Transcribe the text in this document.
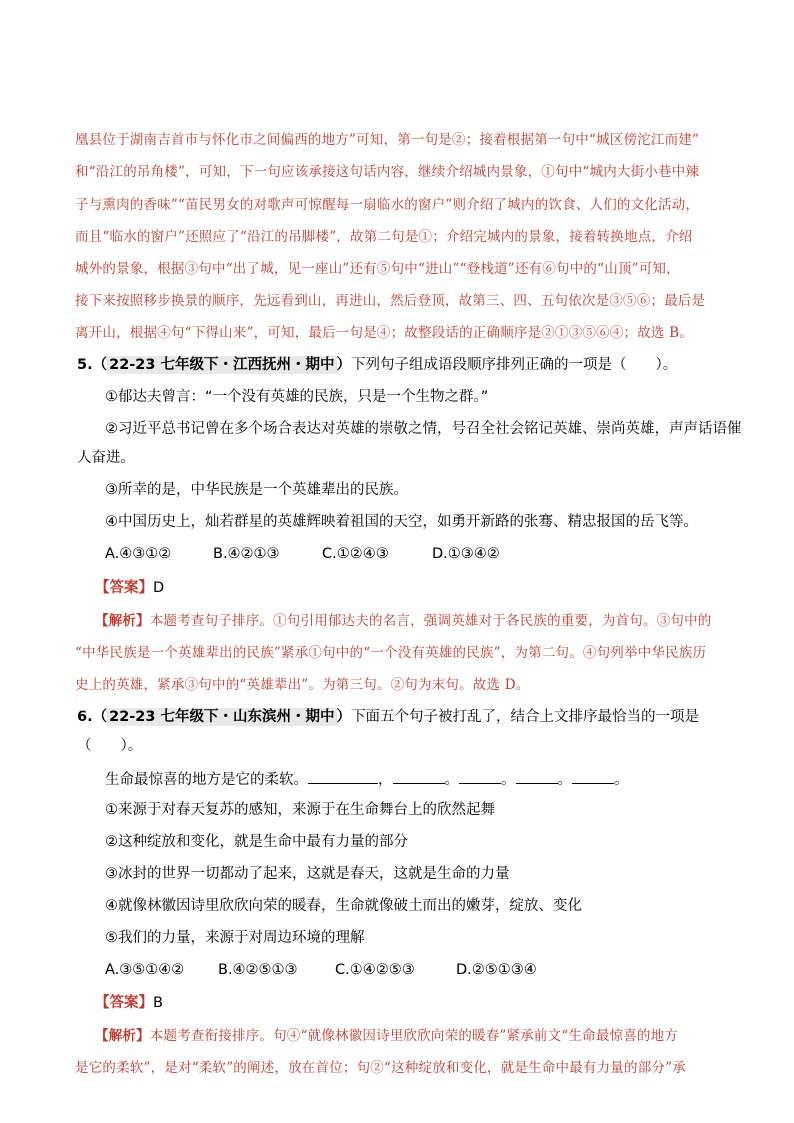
凰县位于湖南吉首市与怀化市之间偏西的地方”可知，第一句是②；接着根据第一句中“城区傍沱江而建”
和“沿江的吊角楼”，可知，下一句应该承接这句话内容，继续介绍城内景象，①句中“城内大街小巷中辣
子与熏肉的香味”“苗民男女的对歌声可惊醒每一扇临水的窗户”则介绍了城内的饮食、人们的文化活动，
而且“临水的窗户”还照应了“沿江的吊脚楼”，故第二句是①；介绍完城内的景象，接着转换地点，介绍
城外的景象，根据③句中“出了城，见一座山”还有⑤句中“进山”“登栈道”还有⑥句中的“山顶”可知，
接下来按照移步换景的顺序，先远看到山，再进山，然后登顶，故第三、四、五句依次是③⑤⑥；最后是
离开山，根据④句“下得山来”，可知，最后一句是④；故整段话的正确顺序是②①③⑤⑥④；故选 B。
5.（ 22-23 七年级下・江西抚州・期中 ）下列句子组成语段顺序排列正确的一项是（　　）。
①郁达夫曾言：“一个没有英雄的民族，只是一个生物之群。”
②习近平总书记曾在多个场合表达对英雄的崇敬之情，号召全社会铭记英雄、崇尚英雄，声声话语催
人奋进。
③所幸的是，中华民族是一个英雄辈出的民族。
④中国历史上，灿若群星的英雄辉映着祖国的天空，如勇开新路的张骞、精忠报国的岳飞等。
A.④③①②	B.④②①③	C.①②④③	D.①③④②
【答案】D
【解析】本题考查句子排序。①句引用郁达夫的名言，强调英雄对于各民族的重要，为首句。③句中的
“中华民族是一个英雄辈出的民族”紧承①句中的“一个没有英雄的民族”，为第二句。④句列举中华民族历
史上的英雄，紧承③句中的“英雄辈出”。为第三句。②句为末句。故选 D。
6.（ 22-23 七年级下・山东滨州・期中 ）下面五个句子被打乱了，结合上文排序最恰当的一项是
（　　）。
生命最惊喜的地方是它的柔软。	，	。	。	。	。
①来源于对春天复苏的感知，来源于在生命舞台上的欣然起舞
②这种绽放和变化，就是生命中最有力量的部分
③冰封的世界一切都动了起来，这就是春天，这就是生命的力量
④就像林徽因诗里欣欣向荣的暖春，生命就像破土而出的嫩芽，绽放、变化
⑤我们的力量，来源于对周边环境的理解
A.③⑤①④② B.④②⑤①③	C.①④②⑤③	D.②⑤①③④
【答案】B
【解析】本题考查衔接排序。句④“就像林徽因诗里欣欣向荣的暖春”紧承前文“生命最惊喜的地方
是它的柔软”，是对“柔软”的阐述，放在首位；句②“这种绽放和变化，就是生命中最有力量的部分”承
